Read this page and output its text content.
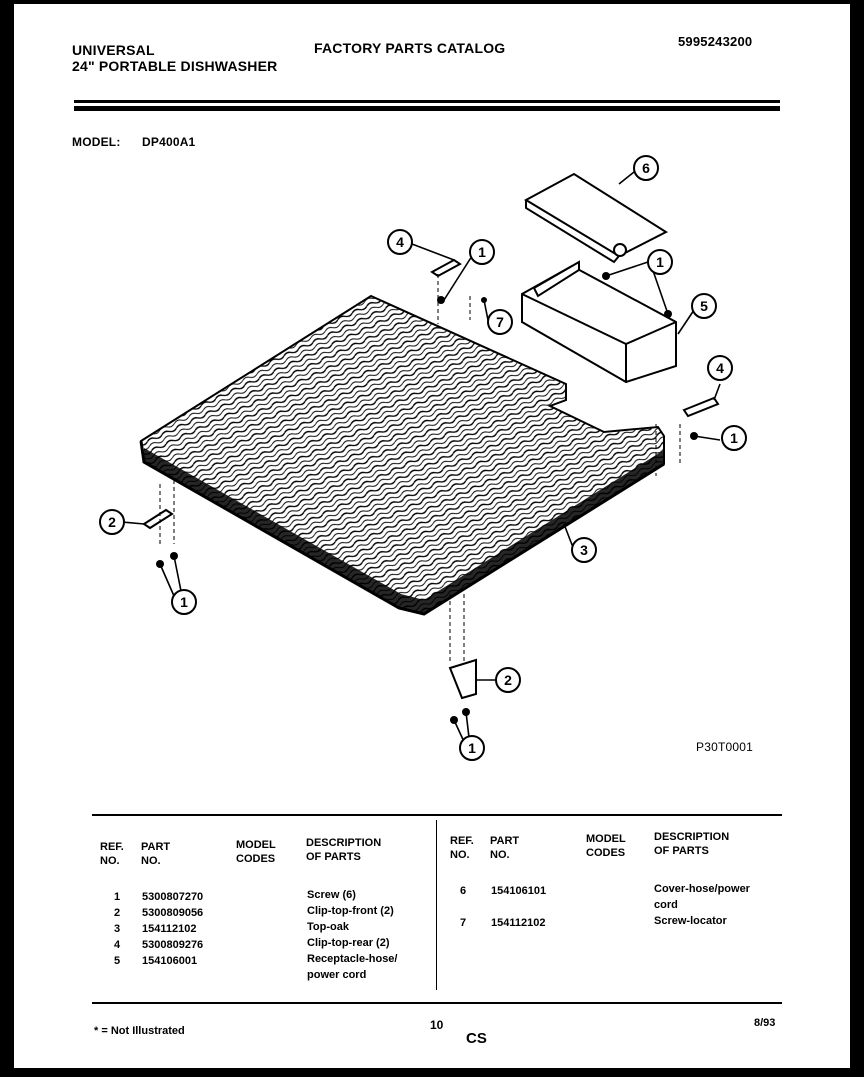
UNIVERSAL
24" PORTABLE DISHWASHER
FACTORY PARTS CATALOG	5995243200
MODEL: DP400A1
6
1
5
4
1
7
4
1
2
3
1
2
1	P30T0001
REF.
NO.
PART
NO.
MODEL
CODES
DESCRIPTION
OF PARTS
REF.
NO.
PART
NO.
MODEL
CODES
DESCRIPTION
OF PARTS
1 5300807270	Screw (6)
2 5300809056	Clip-top-front (2)
3 154112102	Top-oak
4 5300809276	Clip-top-rear (2)
5 154106001	Receptacle-hose/
power cord
6 154106101	Cover-hose/power
cord
7 154112102	Screw-locator
* = Not Illustrated	10
CS
8/93
